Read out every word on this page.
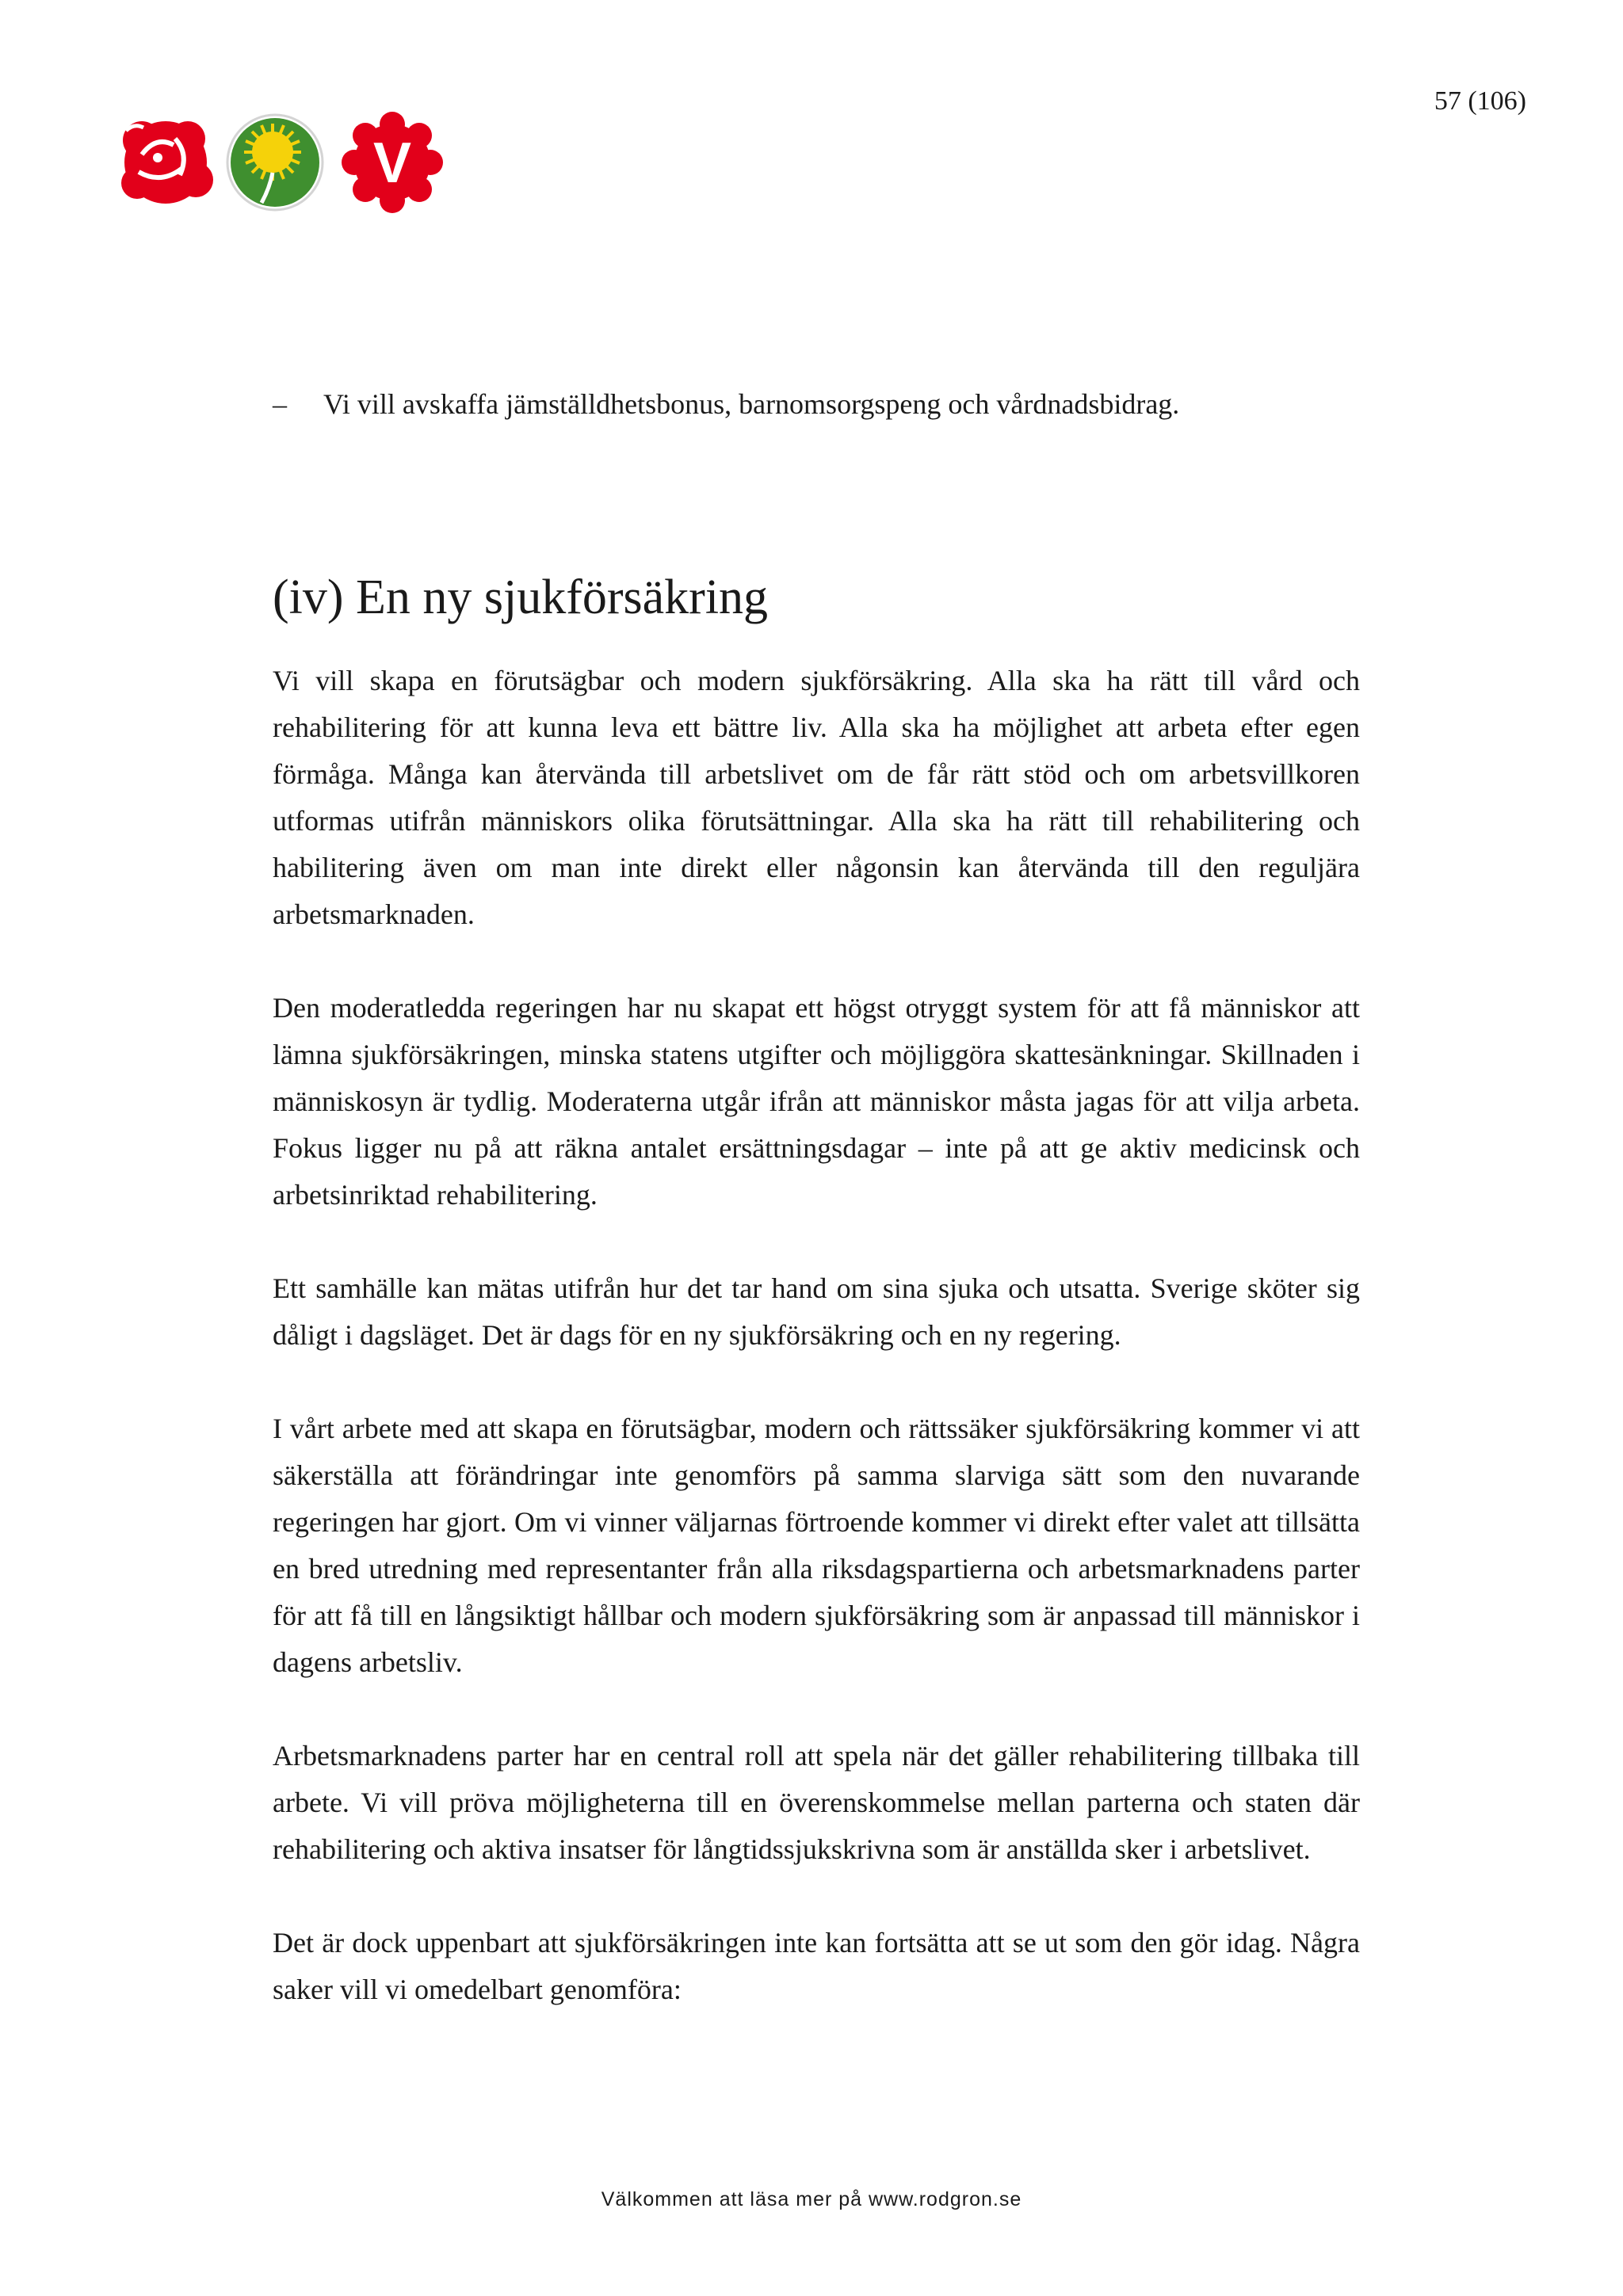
57 (106)
V

– Vi vill avskaffa jämställdhetsbonus, barnomsorgspeng och vårdnadsbidrag.

(iv) En ny sjukförsäkring

Vi vill skapa en förutsägbar och modern sjukförsäkring. Alla ska ha rätt till vård och rehabilitering för att kunna leva ett bättre liv. Alla ska ha möjlighet att arbeta efter egen förmåga. Många kan återvända till arbetslivet om de får rätt stöd och om arbetsvillkoren utformas utifrån människors olika förutsättningar. Alla ska ha rätt till rehabilitering och habilitering även om man inte direkt eller någonsin kan återvända till den reguljära arbetsmarknaden.

Den moderatledda regeringen har nu skapat ett högst otryggt system för att få människor att lämna sjukförsäkringen, minska statens utgifter och möjliggöra skattesänkningar. Skillnaden i människosyn är tydlig. Moderaterna utgår ifrån att människor måsta jagas för att vilja arbeta. Fokus ligger nu på att räkna antalet ersättningsdagar – inte på att ge aktiv medicinsk och arbetsinriktad rehabilitering.

Ett samhälle kan mätas utifrån hur det tar hand om sina sjuka och utsatta. Sverige sköter sig dåligt i dagsläget. Det är dags för en ny sjukförsäkring och en ny regering.

I vårt arbete med att skapa en förutsägbar, modern och rättssäker sjukförsäkring kommer vi att säkerställa att förändringar inte genomförs på samma slarviga sätt som den nuvarande regeringen har gjort. Om vi vinner väljarnas förtroende kommer vi direkt efter valet att tillsätta en bred utredning med representanter från alla riksdagspartierna och arbetsmarknadens parter för att få till en långsiktigt hållbar och modern sjukförsäkring som är anpassad till människor i dagens arbetsliv.

Arbetsmarknadens parter har en central roll att spela när det gäller rehabilitering tillbaka till arbete. Vi vill pröva möjligheterna till en överenskommelse mellan parterna och staten där rehabilitering och aktiva insatser för långtidssjukskrivna som är anställda sker i arbetslivet.

Det är dock uppenbart att sjukförsäkringen inte kan fortsätta att se ut som den gör idag. Några saker vill vi omedelbart genomföra:

Välkommen att läsa mer på www.rodgron.se
